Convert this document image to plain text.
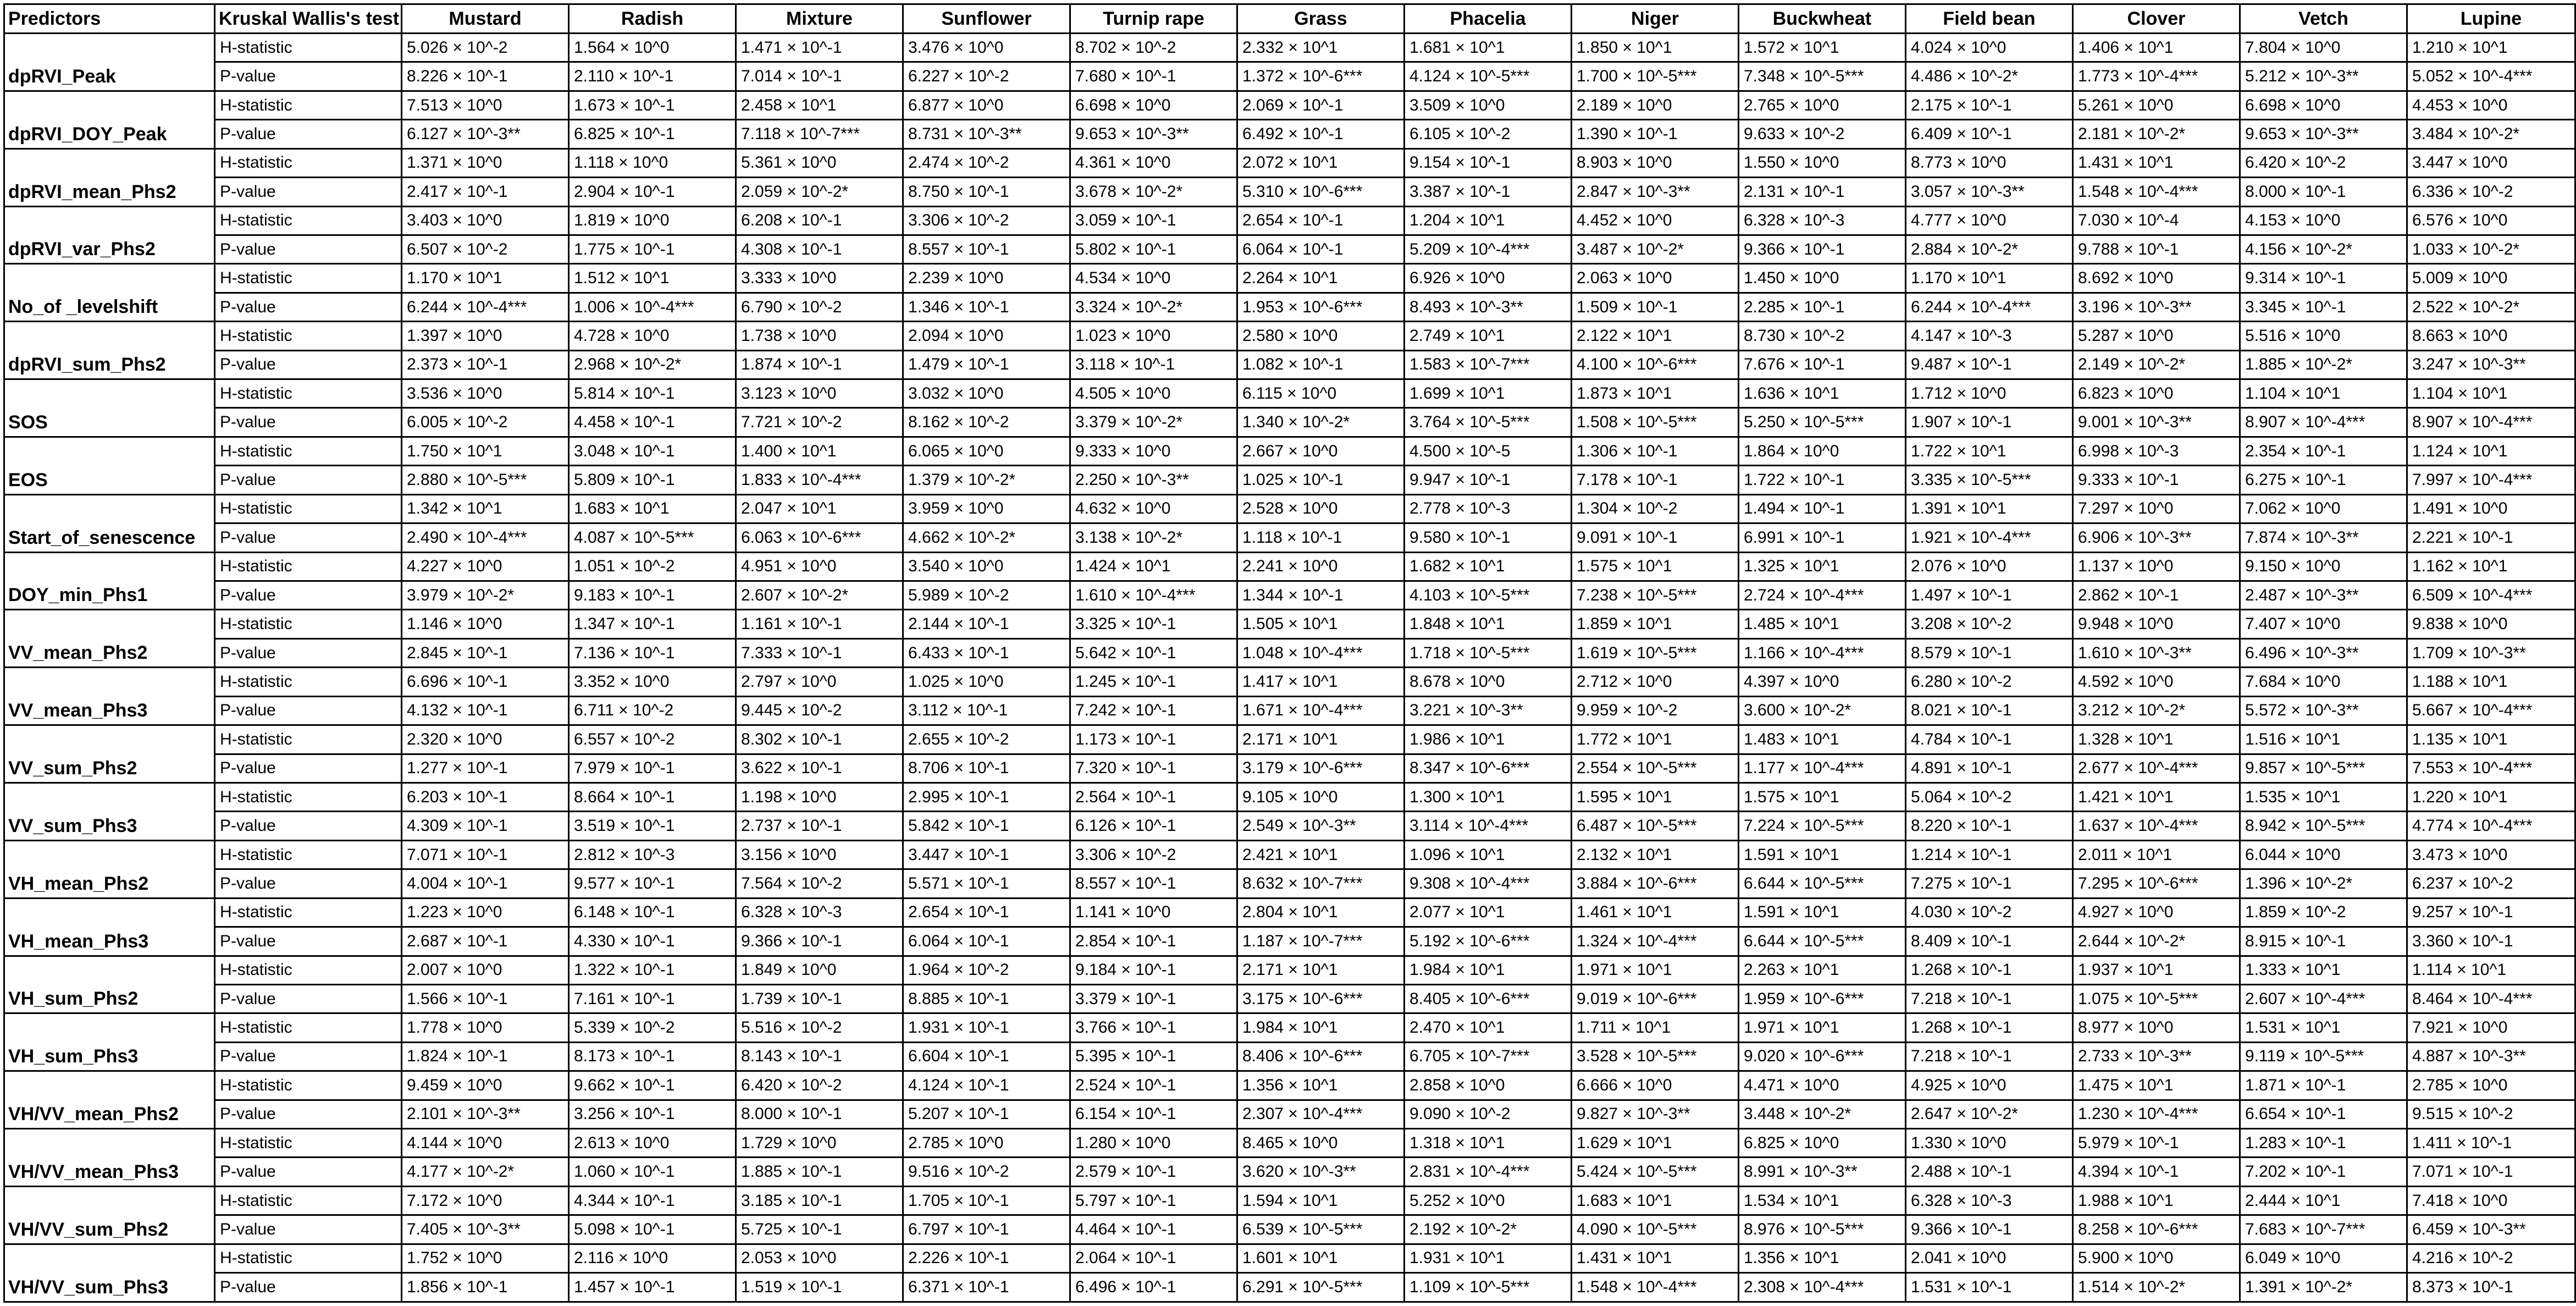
Predictors	Kruskal Wallis's test	Mustard	Radish	Mixture	Sunflower	Turnip rape	Grass	Phacelia	Niger	Buckwheat	Field bean	Clover	Vetch	Lupine
dpRVI_Peak	H-statistic	5.026 × 10^-2	1.564 × 10^0	1.471 × 10^-1	3.476 × 10^0	8.702 × 10^-2	2.332 × 10^1	1.681 × 10^1	1.850 × 10^1	1.572 × 10^1	4.024 × 10^0	1.406 × 10^1	7.804 × 10^0	1.210 × 10^1
	P-value	8.226 × 10^-1	2.110 × 10^-1	7.014 × 10^-1	6.227 × 10^-2	7.680 × 10^-1	1.372 × 10^-6***	4.124 × 10^-5***	1.700 × 10^-5***	7.348 × 10^-5***	4.486 × 10^-2*	1.773 × 10^-4***	5.212 × 10^-3**	5.052 × 10^-4***
dpRVI_DOY_Peak	H-statistic	7.513 × 10^0	1.673 × 10^-1	2.458 × 10^1	6.877 × 10^0	6.698 × 10^0	2.069 × 10^-1	3.509 × 10^0	2.189 × 10^0	2.765 × 10^0	2.175 × 10^-1	5.261 × 10^0	6.698 × 10^0	4.453 × 10^0
	P-value	6.127 × 10^-3**	6.825 × 10^-1	7.118 × 10^-7***	8.731 × 10^-3**	9.653 × 10^-3**	6.492 × 10^-1	6.105 × 10^-2	1.390 × 10^-1	9.633 × 10^-2	6.409 × 10^-1	2.181 × 10^-2*	9.653 × 10^-3**	3.484 × 10^-2*
dpRVI_mean_Phs2	H-statistic	1.371 × 10^0	1.118 × 10^0	5.361 × 10^0	2.474 × 10^-2	4.361 × 10^0	2.072 × 10^1	9.154 × 10^-1	8.903 × 10^0	1.550 × 10^0	8.773 × 10^0	1.431 × 10^1	6.420 × 10^-2	3.447 × 10^0
	P-value	2.417 × 10^-1	2.904 × 10^-1	2.059 × 10^-2*	8.750 × 10^-1	3.678 × 10^-2*	5.310 × 10^-6***	3.387 × 10^-1	2.847 × 10^-3**	2.131 × 10^-1	3.057 × 10^-3**	1.548 × 10^-4***	8.000 × 10^-1	6.336 × 10^-2
dpRVI_var_Phs2	H-statistic	3.403 × 10^0	1.819 × 10^0	6.208 × 10^-1	3.306 × 10^-2	3.059 × 10^-1	2.654 × 10^-1	1.204 × 10^1	4.452 × 10^0	6.328 × 10^-3	4.777 × 10^0	7.030 × 10^-4	4.153 × 10^0	6.576 × 10^0
	P-value	6.507 × 10^-2	1.775 × 10^-1	4.308 × 10^-1	8.557 × 10^-1	5.802 × 10^-1	6.064 × 10^-1	5.209 × 10^-4***	3.487 × 10^-2*	9.366 × 10^-1	2.884 × 10^-2*	9.788 × 10^-1	4.156 × 10^-2*	1.033 × 10^-2*
No_of _levelshift	H-statistic	1.170 × 10^1	1.512 × 10^1	3.333 × 10^0	2.239 × 10^0	4.534 × 10^0	2.264 × 10^1	6.926 × 10^0	2.063 × 10^0	1.450 × 10^0	1.170 × 10^1	8.692 × 10^0	9.314 × 10^-1	5.009 × 10^0
	P-value	6.244 × 10^-4***	1.006 × 10^-4***	6.790 × 10^-2	1.346 × 10^-1	3.324 × 10^-2*	1.953 × 10^-6***	8.493 × 10^-3**	1.509 × 10^-1	2.285 × 10^-1	6.244 × 10^-4***	3.196 × 10^-3**	3.345 × 10^-1	2.522 × 10^-2*
dpRVI_sum_Phs2	H-statistic	1.397 × 10^0	4.728 × 10^0	1.738 × 10^0	2.094 × 10^0	1.023 × 10^0	2.580 × 10^0	2.749 × 10^1	2.122 × 10^1	8.730 × 10^-2	4.147 × 10^-3	5.287 × 10^0	5.516 × 10^0	8.663 × 10^0
	P-value	2.373 × 10^-1	2.968 × 10^-2*	1.874 × 10^-1	1.479 × 10^-1	3.118 × 10^-1	1.082 × 10^-1	1.583 × 10^-7***	4.100 × 10^-6***	7.676 × 10^-1	9.487 × 10^-1	2.149 × 10^-2*	1.885 × 10^-2*	3.247 × 10^-3**
SOS	H-statistic	3.536 × 10^0	5.814 × 10^-1	3.123 × 10^0	3.032 × 10^0	4.505 × 10^0	6.115 × 10^0	1.699 × 10^1	1.873 × 10^1	1.636 × 10^1	1.712 × 10^0	6.823 × 10^0	1.104 × 10^1	1.104 × 10^1
	P-value	6.005 × 10^-2	4.458 × 10^-1	7.721 × 10^-2	8.162 × 10^-2	3.379 × 10^-2*	1.340 × 10^-2*	3.764 × 10^-5***	1.508 × 10^-5***	5.250 × 10^-5***	1.907 × 10^-1	9.001 × 10^-3**	8.907 × 10^-4***	8.907 × 10^-4***
EOS	H-statistic	1.750 × 10^1	3.048 × 10^-1	1.400 × 10^1	6.065 × 10^0	9.333 × 10^0	2.667 × 10^0	4.500 × 10^-5	1.306 × 10^-1	1.864 × 10^0	1.722 × 10^1	6.998 × 10^-3	2.354 × 10^-1	1.124 × 10^1
	P-value	2.880 × 10^-5***	5.809 × 10^-1	1.833 × 10^-4***	1.379 × 10^-2*	2.250 × 10^-3**	1.025 × 10^-1	9.947 × 10^-1	7.178 × 10^-1	1.722 × 10^-1	3.335 × 10^-5***	9.333 × 10^-1	6.275 × 10^-1	7.997 × 10^-4***
Start_of_senescence	H-statistic	1.342 × 10^1	1.683 × 10^1	2.047 × 10^1	3.959 × 10^0	4.632 × 10^0	2.528 × 10^0	2.778 × 10^-3	1.304 × 10^-2	1.494 × 10^-1	1.391 × 10^1	7.297 × 10^0	7.062 × 10^0	1.491 × 10^0
	P-value	2.490 × 10^-4***	4.087 × 10^-5***	6.063 × 10^-6***	4.662 × 10^-2*	3.138 × 10^-2*	1.118 × 10^-1	9.580 × 10^-1	9.091 × 10^-1	6.991 × 10^-1	1.921 × 10^-4***	6.906 × 10^-3**	7.874 × 10^-3**	2.221 × 10^-1
DOY_min_Phs1	H-statistic	4.227 × 10^0	1.051 × 10^-2	4.951 × 10^0	3.540 × 10^0	1.424 × 10^1	2.241 × 10^0	1.682 × 10^1	1.575 × 10^1	1.325 × 10^1	2.076 × 10^0	1.137 × 10^0	9.150 × 10^0	1.162 × 10^1
	P-value	3.979 × 10^-2*	9.183 × 10^-1	2.607 × 10^-2*	5.989 × 10^-2	1.610 × 10^-4***	1.344 × 10^-1	4.103 × 10^-5***	7.238 × 10^-5***	2.724 × 10^-4***	1.497 × 10^-1	2.862 × 10^-1	2.487 × 10^-3**	6.509 × 10^-4***
VV_mean_Phs2	H-statistic	1.146 × 10^0	1.347 × 10^-1	1.161 × 10^-1	2.144 × 10^-1	3.325 × 10^-1	1.505 × 10^1	1.848 × 10^1	1.859 × 10^1	1.485 × 10^1	3.208 × 10^-2	9.948 × 10^0	7.407 × 10^0	9.838 × 10^0
	P-value	2.845 × 10^-1	7.136 × 10^-1	7.333 × 10^-1	6.433 × 10^-1	5.642 × 10^-1	1.048 × 10^-4***	1.718 × 10^-5***	1.619 × 10^-5***	1.166 × 10^-4***	8.579 × 10^-1	1.610 × 10^-3**	6.496 × 10^-3**	1.709 × 10^-3**
VV_mean_Phs3	H-statistic	6.696 × 10^-1	3.352 × 10^0	2.797 × 10^0	1.025 × 10^0	1.245 × 10^-1	1.417 × 10^1	8.678 × 10^0	2.712 × 10^0	4.397 × 10^0	6.280 × 10^-2	4.592 × 10^0	7.684 × 10^0	1.188 × 10^1
	P-value	4.132 × 10^-1	6.711 × 10^-2	9.445 × 10^-2	3.112 × 10^-1	7.242 × 10^-1	1.671 × 10^-4***	3.221 × 10^-3**	9.959 × 10^-2	3.600 × 10^-2*	8.021 × 10^-1	3.212 × 10^-2*	5.572 × 10^-3**	5.667 × 10^-4***
VV_sum_Phs2	H-statistic	2.320 × 10^0	6.557 × 10^-2	8.302 × 10^-1	2.655 × 10^-2	1.173 × 10^-1	2.171 × 10^1	1.986 × 10^1	1.772 × 10^1	1.483 × 10^1	4.784 × 10^-1	1.328 × 10^1	1.516 × 10^1	1.135 × 10^1
	P-value	1.277 × 10^-1	7.979 × 10^-1	3.622 × 10^-1	8.706 × 10^-1	7.320 × 10^-1	3.179 × 10^-6***	8.347 × 10^-6***	2.554 × 10^-5***	1.177 × 10^-4***	4.891 × 10^-1	2.677 × 10^-4***	9.857 × 10^-5***	7.553 × 10^-4***
VV_sum_Phs3	H-statistic	6.203 × 10^-1	8.664 × 10^-1	1.198 × 10^0	2.995 × 10^-1	2.564 × 10^-1	9.105 × 10^0	1.300 × 10^1	1.595 × 10^1	1.575 × 10^1	5.064 × 10^-2	1.421 × 10^1	1.535 × 10^1	1.220 × 10^1
	P-value	4.309 × 10^-1	3.519 × 10^-1	2.737 × 10^-1	5.842 × 10^-1	6.126 × 10^-1	2.549 × 10^-3**	3.114 × 10^-4***	6.487 × 10^-5***	7.224 × 10^-5***	8.220 × 10^-1	1.637 × 10^-4***	8.942 × 10^-5***	4.774 × 10^-4***
VH_mean_Phs2	H-statistic	7.071 × 10^-1	2.812 × 10^-3	3.156 × 10^0	3.447 × 10^-1	3.306 × 10^-2	2.421 × 10^1	1.096 × 10^1	2.132 × 10^1	1.591 × 10^1	1.214 × 10^-1	2.011 × 10^1	6.044 × 10^0	3.473 × 10^0
	P-value	4.004 × 10^-1	9.577 × 10^-1	7.564 × 10^-2	5.571 × 10^-1	8.557 × 10^-1	8.632 × 10^-7***	9.308 × 10^-4***	3.884 × 10^-6***	6.644 × 10^-5***	7.275 × 10^-1	7.295 × 10^-6***	1.396 × 10^-2*	6.237 × 10^-2
VH_mean_Phs3	H-statistic	1.223 × 10^0	6.148 × 10^-1	6.328 × 10^-3	2.654 × 10^-1	1.141 × 10^0	2.804 × 10^1	2.077 × 10^1	1.461 × 10^1	1.591 × 10^1	4.030 × 10^-2	4.927 × 10^0	1.859 × 10^-2	9.257 × 10^-1
	P-value	2.687 × 10^-1	4.330 × 10^-1	9.366 × 10^-1	6.064 × 10^-1	2.854 × 10^-1	1.187 × 10^-7***	5.192 × 10^-6***	1.324 × 10^-4***	6.644 × 10^-5***	8.409 × 10^-1	2.644 × 10^-2*	8.915 × 10^-1	3.360 × 10^-1
VH_sum_Phs2	H-statistic	2.007 × 10^0	1.322 × 10^-1	1.849 × 10^0	1.964 × 10^-2	9.184 × 10^-1	2.171 × 10^1	1.984 × 10^1	1.971 × 10^1	2.263 × 10^1	1.268 × 10^-1	1.937 × 10^1	1.333 × 10^1	1.114 × 10^1
	P-value	1.566 × 10^-1	7.161 × 10^-1	1.739 × 10^-1	8.885 × 10^-1	3.379 × 10^-1	3.175 × 10^-6***	8.405 × 10^-6***	9.019 × 10^-6***	1.959 × 10^-6***	7.218 × 10^-1	1.075 × 10^-5***	2.607 × 10^-4***	8.464 × 10^-4***
VH_sum_Phs3	H-statistic	1.778 × 10^0	5.339 × 10^-2	5.516 × 10^-2	1.931 × 10^-1	3.766 × 10^-1	1.984 × 10^1	2.470 × 10^1	1.711 × 10^1	1.971 × 10^1	1.268 × 10^-1	8.977 × 10^0	1.531 × 10^1	7.921 × 10^0
	P-value	1.824 × 10^-1	8.173 × 10^-1	8.143 × 10^-1	6.604 × 10^-1	5.395 × 10^-1	8.406 × 10^-6***	6.705 × 10^-7***	3.528 × 10^-5***	9.020 × 10^-6***	7.218 × 10^-1	2.733 × 10^-3**	9.119 × 10^-5***	4.887 × 10^-3**
VH/VV_mean_Phs2	H-statistic	9.459 × 10^0	9.662 × 10^-1	6.420 × 10^-2	4.124 × 10^-1	2.524 × 10^-1	1.356 × 10^1	2.858 × 10^0	6.666 × 10^0	4.471 × 10^0	4.925 × 10^0	1.475 × 10^1	1.871 × 10^-1	2.785 × 10^0
	P-value	2.101 × 10^-3**	3.256 × 10^-1	8.000 × 10^-1	5.207 × 10^-1	6.154 × 10^-1	2.307 × 10^-4***	9.090 × 10^-2	9.827 × 10^-3**	3.448 × 10^-2*	2.647 × 10^-2*	1.230 × 10^-4***	6.654 × 10^-1	9.515 × 10^-2
VH/VV_mean_Phs3	H-statistic	4.144 × 10^0	2.613 × 10^0	1.729 × 10^0	2.785 × 10^0	1.280 × 10^0	8.465 × 10^0	1.318 × 10^1	1.629 × 10^1	6.825 × 10^0	1.330 × 10^0	5.979 × 10^-1	1.283 × 10^-1	1.411 × 10^-1
	P-value	4.177 × 10^-2*	1.060 × 10^-1	1.885 × 10^-1	9.516 × 10^-2	2.579 × 10^-1	3.620 × 10^-3**	2.831 × 10^-4***	5.424 × 10^-5***	8.991 × 10^-3**	2.488 × 10^-1	4.394 × 10^-1	7.202 × 10^-1	7.071 × 10^-1
VH/VV_sum_Phs2	H-statistic	7.172 × 10^0	4.344 × 10^-1	3.185 × 10^-1	1.705 × 10^-1	5.797 × 10^-1	1.594 × 10^1	5.252 × 10^0	1.683 × 10^1	1.534 × 10^1	6.328 × 10^-3	1.988 × 10^1	2.444 × 10^1	7.418 × 10^0
	P-value	7.405 × 10^-3**	5.098 × 10^-1	5.725 × 10^-1	6.797 × 10^-1	4.464 × 10^-1	6.539 × 10^-5***	2.192 × 10^-2*	4.090 × 10^-5***	8.976 × 10^-5***	9.366 × 10^-1	8.258 × 10^-6***	7.683 × 10^-7***	6.459 × 10^-3**
VH/VV_sum_Phs3	H-statistic	1.752 × 10^0	2.116 × 10^0	2.053 × 10^0	2.226 × 10^-1	2.064 × 10^-1	1.601 × 10^1	1.931 × 10^1	1.431 × 10^1	1.356 × 10^1	2.041 × 10^0	5.900 × 10^0	6.049 × 10^0	4.216 × 10^-2
	P-value	1.856 × 10^-1	1.457 × 10^-1	1.519 × 10^-1	6.371 × 10^-1	6.496 × 10^-1	6.291 × 10^-5***	1.109 × 10^-5***	1.548 × 10^-4***	2.308 × 10^-4***	1.531 × 10^-1	1.514 × 10^-2*	1.391 × 10^-2*	8.373 × 10^-1
